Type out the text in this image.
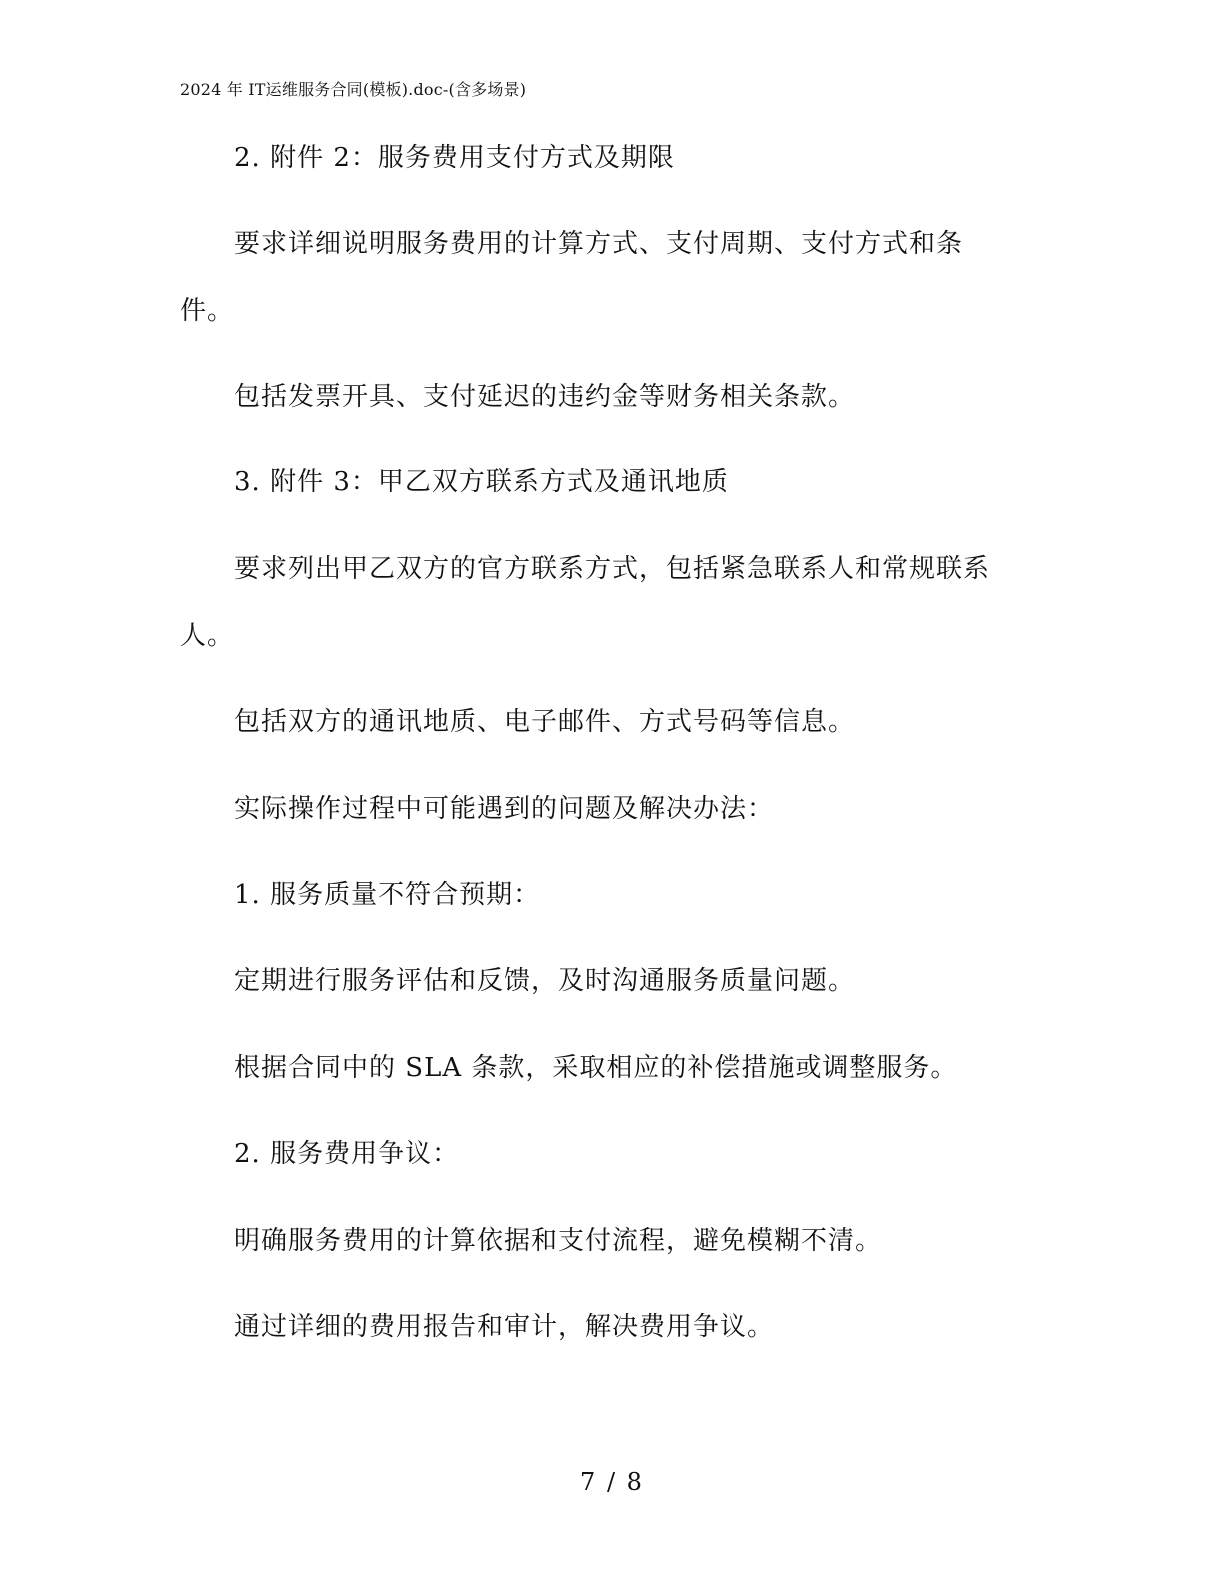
2024 年 IT运维服务合同(模板).doc-(含多场景)
2. 附件 2：服务费用支付方式及期限
要求详细说明服务费用的计算方式、支付周期、支付方式和条
件。
包括发票开具、支付延迟的违约金等财务相关条款。
3. 附件 3：甲乙双方联系方式及通讯地质
要求列出甲乙双方的官方联系方式，包括紧急联系人和常规联系
人。
包括双方的通讯地质、电子邮件、方式号码等信息。
实际操作过程中可能遇到的问题及解决办法：
1. 服务质量不符合预期：
定期进行服务评估和反馈，及时沟通服务质量问题。
根据合同中的 SLA 条款，采取相应的补偿措施或调整服务。
2. 服务费用争议：
明确服务费用的计算依据和支付流程，避免模糊不清。
通过详细的费用报告和审计，解决费用争议。
7 / 8
